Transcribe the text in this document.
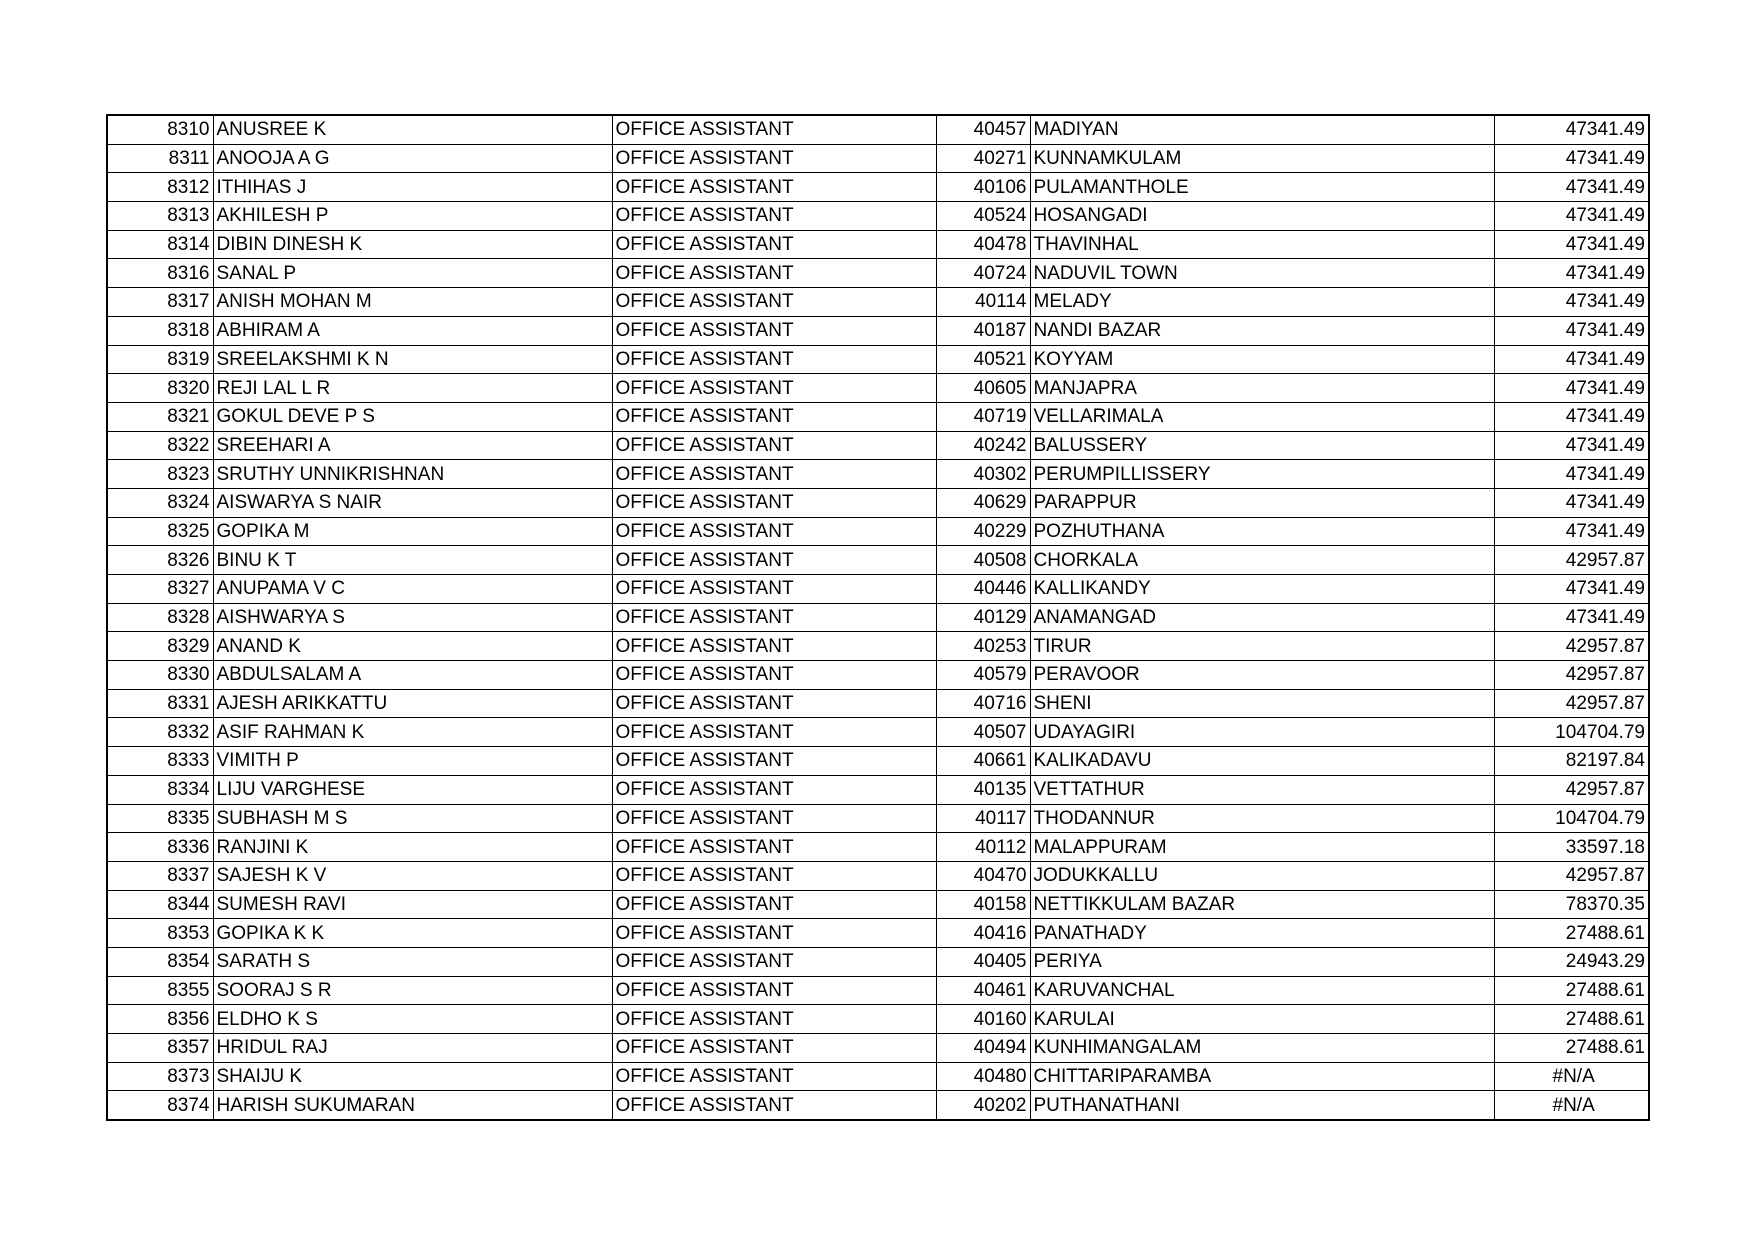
8310	ANUSREE K	OFFICE ASSISTANT	40457	MADIYAN	47341.49
8311	ANOOJA A G	OFFICE ASSISTANT	40271	KUNNAMKULAM	47341.49
8312	ITHIHAS J	OFFICE ASSISTANT	40106	PULAMANTHOLE	47341.49
8313	AKHILESH P	OFFICE ASSISTANT	40524	HOSANGADI	47341.49
8314	DIBIN DINESH K	OFFICE ASSISTANT	40478	THAVINHAL	47341.49
8316	SANAL P	OFFICE ASSISTANT	40724	NADUVIL TOWN	47341.49
8317	ANISH MOHAN M	OFFICE ASSISTANT	40114	MELADY	47341.49
8318	ABHIRAM A	OFFICE ASSISTANT	40187	NANDI BAZAR	47341.49
8319	SREELAKSHMI K N	OFFICE ASSISTANT	40521	KOYYAM	47341.49
8320	REJI LAL L R	OFFICE ASSISTANT	40605	MANJAPRA	47341.49
8321	GOKUL DEVE P S	OFFICE ASSISTANT	40719	VELLARIMALA	47341.49
8322	SREEHARI A	OFFICE ASSISTANT	40242	BALUSSERY	47341.49
8323	SRUTHY UNNIKRISHNAN	OFFICE ASSISTANT	40302	PERUMPILLISSERY	47341.49
8324	AISWARYA S NAIR	OFFICE ASSISTANT	40629	PARAPPUR	47341.49
8325	GOPIKA M	OFFICE ASSISTANT	40229	POZHUTHANA	47341.49
8326	BINU K T	OFFICE ASSISTANT	40508	CHORKALA	42957.87
8327	ANUPAMA V C	OFFICE ASSISTANT	40446	KALLIKANDY	47341.49
8328	AISHWARYA S	OFFICE ASSISTANT	40129	ANAMANGAD	47341.49
8329	ANAND K	OFFICE ASSISTANT	40253	TIRUR	42957.87
8330	ABDULSALAM A	OFFICE ASSISTANT	40579	PERAVOOR	42957.87
8331	AJESH ARIKKATTU	OFFICE ASSISTANT	40716	SHENI	42957.87
8332	ASIF RAHMAN K	OFFICE ASSISTANT	40507	UDAYAGIRI	104704.79
8333	VIMITH P	OFFICE ASSISTANT	40661	KALIKADAVU	82197.84
8334	LIJU VARGHESE	OFFICE ASSISTANT	40135	VETTATHUR	42957.87
8335	SUBHASH M S	OFFICE ASSISTANT	40117	THODANNUR	104704.79
8336	RANJINI K	OFFICE ASSISTANT	40112	MALAPPURAM	33597.18
8337	SAJESH K V	OFFICE ASSISTANT	40470	JODUKKALLU	42957.87
8344	SUMESH RAVI	OFFICE ASSISTANT	40158	NETTIKKULAM BAZAR	78370.35
8353	GOPIKA K K	OFFICE ASSISTANT	40416	PANATHADY	27488.61
8354	SARATH S	OFFICE ASSISTANT	40405	PERIYA	24943.29
8355	SOORAJ S R	OFFICE ASSISTANT	40461	KARUVANCHAL	27488.61
8356	ELDHO K S	OFFICE ASSISTANT	40160	KARULAI	27488.61
8357	HRIDUL RAJ	OFFICE ASSISTANT	40494	KUNHIMANGALAM	27488.61
8373	SHAIJU K	OFFICE ASSISTANT	40480	CHITTARIPARAMBA	#N/A
8374	HARISH SUKUMARAN	OFFICE ASSISTANT	40202	PUTHANATHANI	#N/A
